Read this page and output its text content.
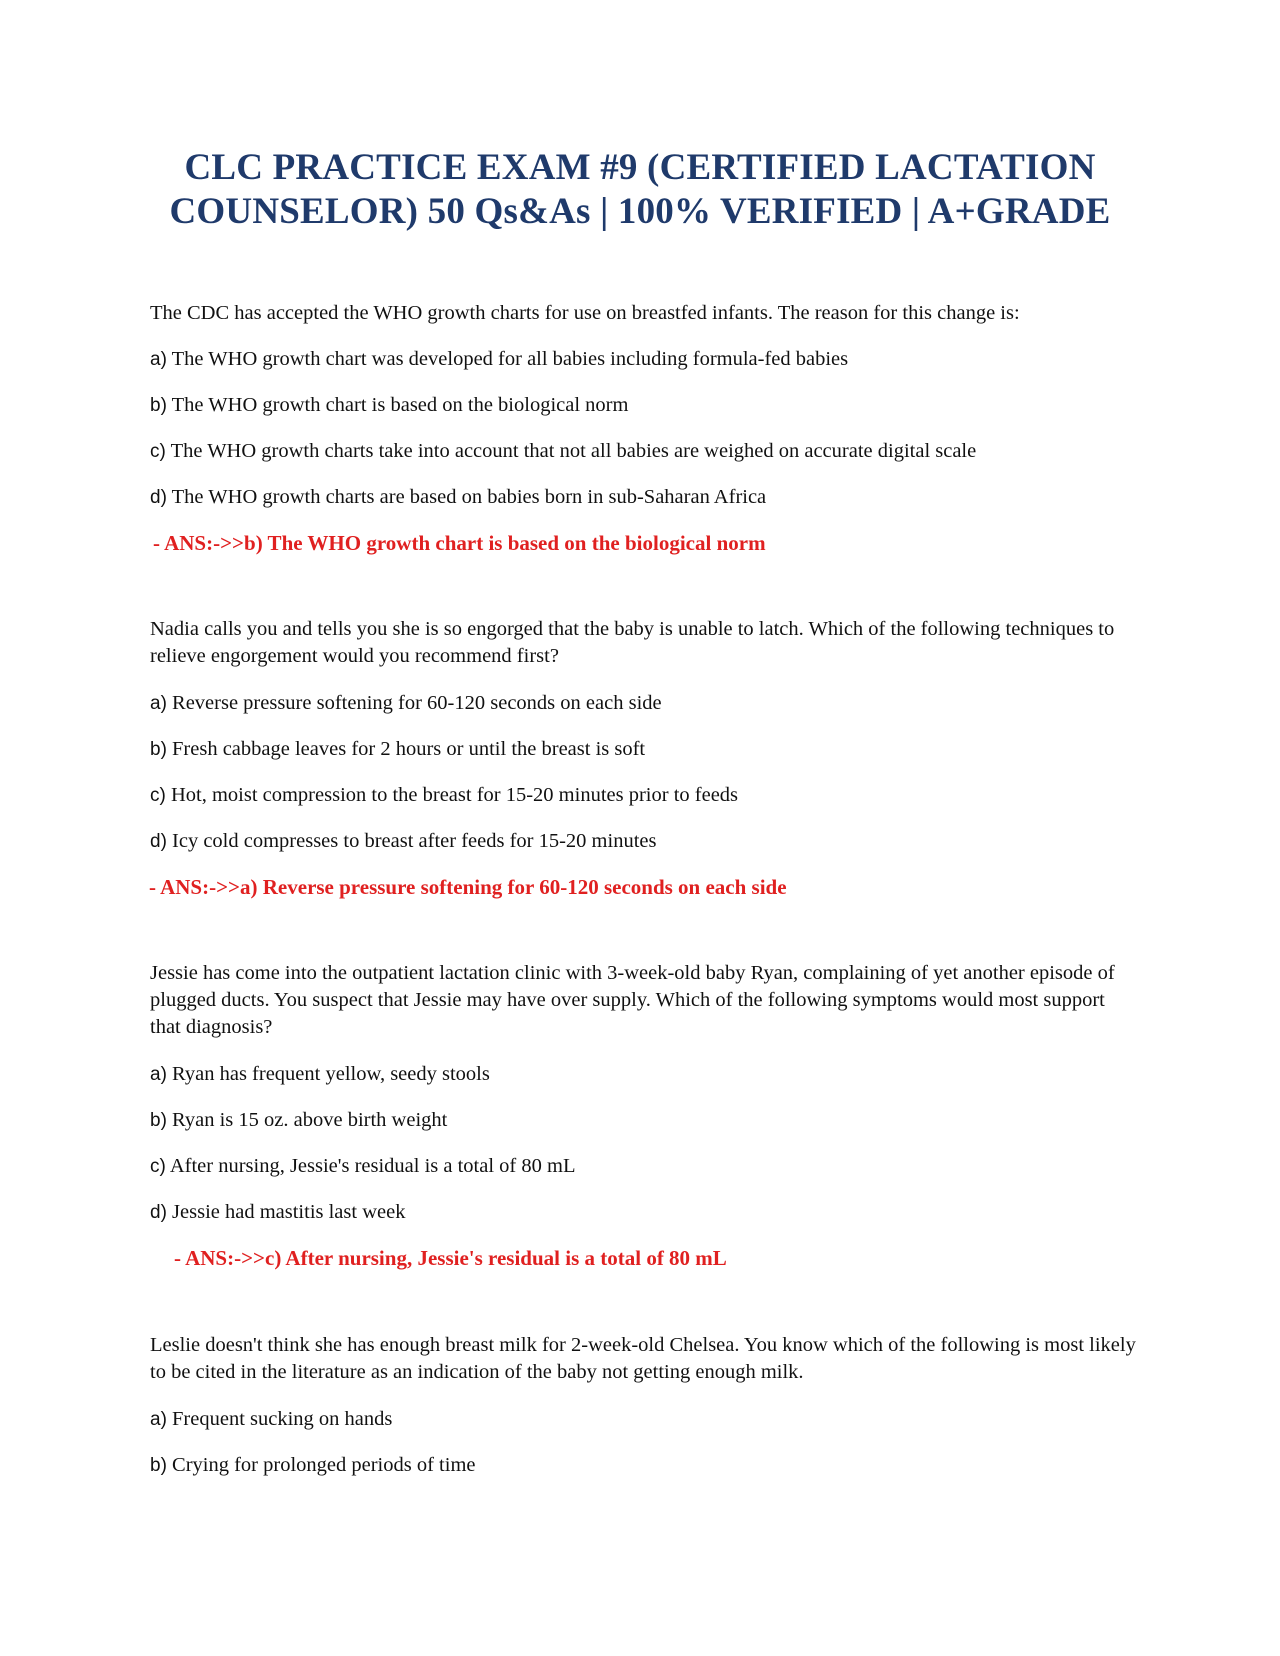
CLC PRACTICE EXAM #9 (CERTIFIED LACTATION
COUNSELOR) 50 Qs&As | 100% VERIFIED | A+GRADE
The CDC has accepted the WHO growth charts for use on breastfed infants. The reason for this change is:
a) The WHO growth chart was developed for all babies including formula-fed babies
b) The WHO growth chart is based on the biological norm
c) The WHO growth charts take into account that not all babies are weighed on accurate digital scale
d) The WHO growth charts are based on babies born in sub-Saharan Africa
- ANS:->>b) The WHO growth chart is based on the biological norm
Nadia calls you and tells you she is so engorged that the baby is unable to latch. Which of the following techniques to relieve engorgement would you recommend first?
a) Reverse pressure softening for 60-120 seconds on each side
b) Fresh cabbage leaves for 2 hours or until the breast is soft
c) Hot, moist compression to the breast for 15-20 minutes prior to feeds
d) Icy cold compresses to breast after feeds for 15-20 minutes
- ANS:->>a) Reverse pressure softening for 60-120 seconds on each side
Jessie has come into the outpatient lactation clinic with 3-week-old baby Ryan, complaining of yet another episode of plugged ducts. You suspect that Jessie may have over supply. Which of the following symptoms would most support that diagnosis?
a) Ryan has frequent yellow, seedy stools
b) Ryan is 15 oz. above birth weight
c) After nursing, Jessie's residual is a total of 80 mL
d) Jessie had mastitis last week
- ANS:->>c) After nursing, Jessie's residual is a total of 80 mL
Leslie doesn't think she has enough breast milk for 2-week-old Chelsea. You know which of the following is most likely to be cited in the literature as an indication of the baby not getting enough milk.
a) Frequent sucking on hands
b) Crying for prolonged periods of time
